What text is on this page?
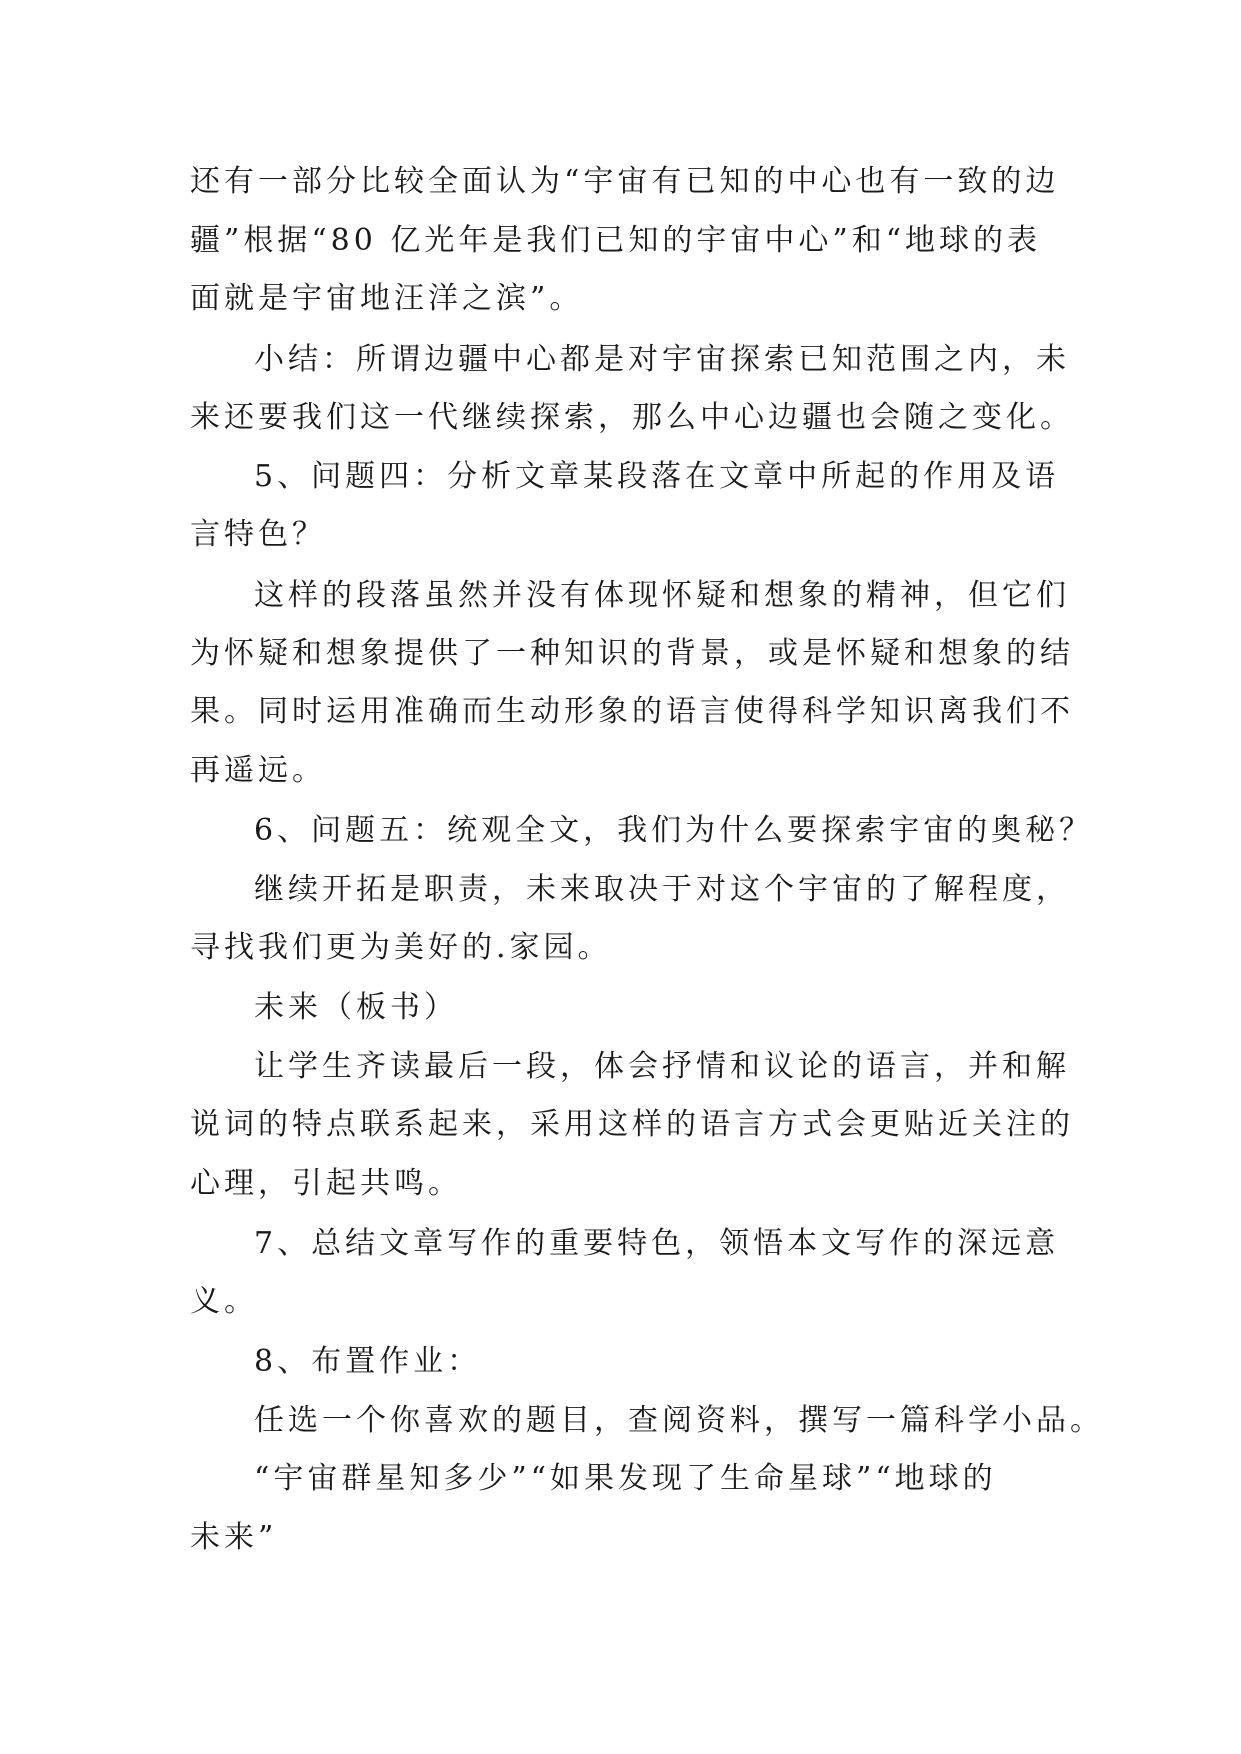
还有一部分比较全面认为“宇宙有已知的中心也有一致的边
疆”根据“80 亿光年是我们已知的宇宙中心”和“地球的表
面就是宇宙地汪洋之滨”。
小结：所谓边疆中心都是对宇宙探索已知范围之内，未
来还要我们这一代继续探索，那么中心边疆也会随之变化。
5、问题四：分析文章某段落在文章中所起的作用及语
言特色？
这样的段落虽然并没有体现怀疑和想象的精神，但它们
为怀疑和想象提供了一种知识的背景，或是怀疑和想象的结
果。同时运用准确而生动形象的语言使得科学知识离我们不
再遥远。
6、问题五：统观全文，我们为什么要探索宇宙的奥秘？
继续开拓是职责，未来取决于对这个宇宙的了解程度，
寻找我们更为美好的.家园。
未来（板书）
让学生齐读最后一段，体会抒情和议论的语言，并和解
说词的特点联系起来，采用这样的语言方式会更贴近关注的
心理，引起共鸣。
7、总结文章写作的重要特色，领悟本文写作的深远意
义。
8、布置作业：
任选一个你喜欢的题目，查阅资料，撰写一篇科学小品。
“宇宙群星知多少”“如果发现了生命星球”“地球的
未来”
